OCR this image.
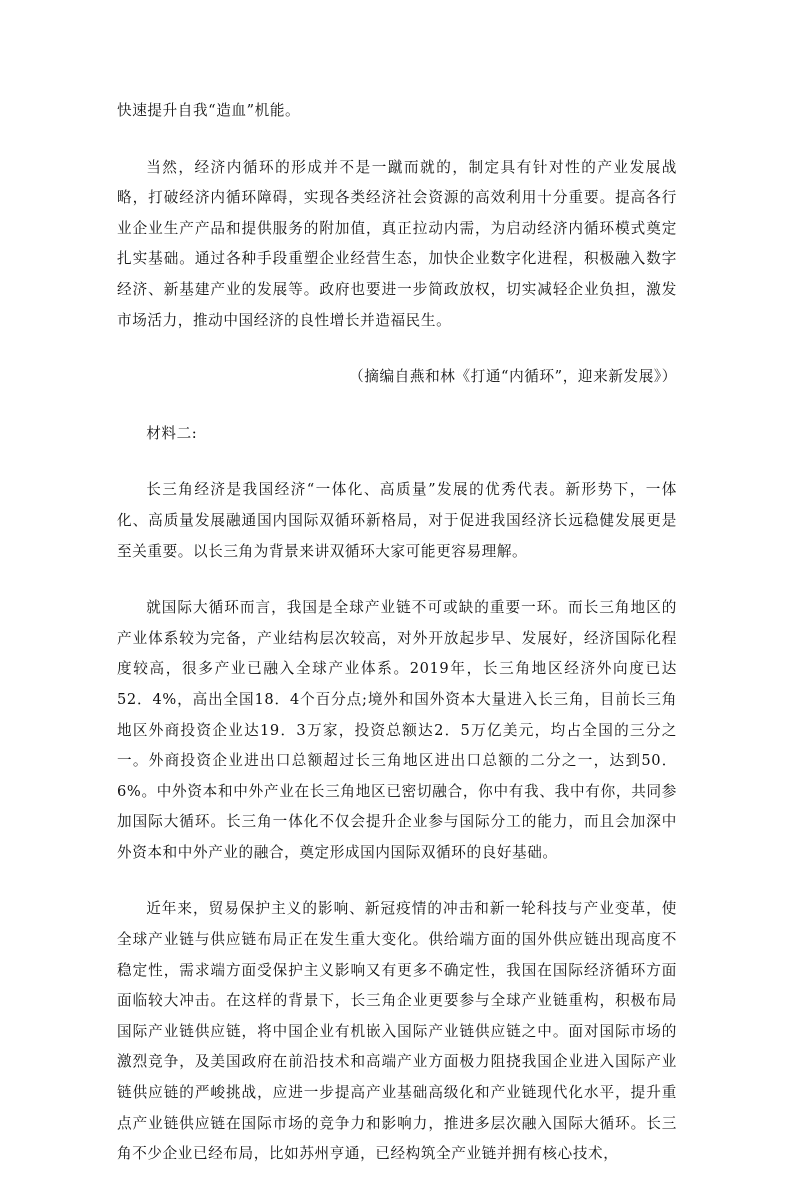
快速提升自我“造血”机能。

当然，经济内循环的形成并不是一蹴而就的，制定具有针对性的产业发展战略，打破经济内循环障碍，实现各类经济社会资源的高效利用十分重要。提高各行业企业生产产品和提供服务的附加值，真正拉动内需，为启动经济内循环模式奠定扎实基础。通过各种手段重塑企业经营生态，加快企业数字化进程，积极融入数字经济、新基建产业的发展等。政府也要进一步简政放权，切实减轻企业负担，激发市场活力，推动中国经济的良性增长并造福民生。

（摘编自燕和林《打通“内循环”，迎来新发展》）

材料二:

长三角经济是我国经济“一体化、高质量”发展的优秀代表。新形势下，一体化、高质量发展融通国内国际双循环新格局，对于促进我国经济长远稳健发展更是至关重要。以长三角为背景来讲双循环大家可能更容易理解。

就国际大循环而言，我国是全球产业链不可或缺的重要一环。而长三角地区的产业体系较为完备，产业结构层次较高，对外开放起步早、发展好，经济国际化程度较高，很多产业已融入全球产业体系。2019年，长三角地区经济外向度已达52．4%，高出全国18．4个百分点;境外和国外资本大量进入长三角，目前长三角地区外商投资企业达19．3万家，投资总额达2．5万亿美元，均占全国的三分之一。外商投资企业进出口总额超过长三角地区进出口总额的二分之一，达到50．6%。中外资本和中外产业在长三角地区已密切融合，你中有我、我中有你，共同参加国际大循环。长三角一体化不仅会提升企业参与国际分工的能力，而且会加深中外资本和中外产业的融合，奠定形成国内国际双循环的良好基础。

近年来，贸易保护主义的影响、新冠疫情的冲击和新一轮科技与产业变革，使全球产业链与供应链布局正在发生重大变化。供给端方面的国外供应链出现高度不稳定性，需求端方面受保护主义影响又有更多不确定性，我国在国际经济循环方面面临较大冲击。在这样的背景下，长三角企业更要参与全球产业链重构，积极布局国际产业链供应链，将中国企业有机嵌入国际产业链供应链之中。面对国际市场的激烈竞争，及美国政府在前沿技术和高端产业方面极力阻挠我国企业进入国际产业链供应链的严峻挑战，应进一步提高产业基础高级化和产业链现代化水平，提升重点产业链供应链在国际市场的竞争力和影响力，推进多层次融入国际大循环。长三角不少企业已经布局，比如苏州亨通，已经构筑全产业链并拥有核心技术，
